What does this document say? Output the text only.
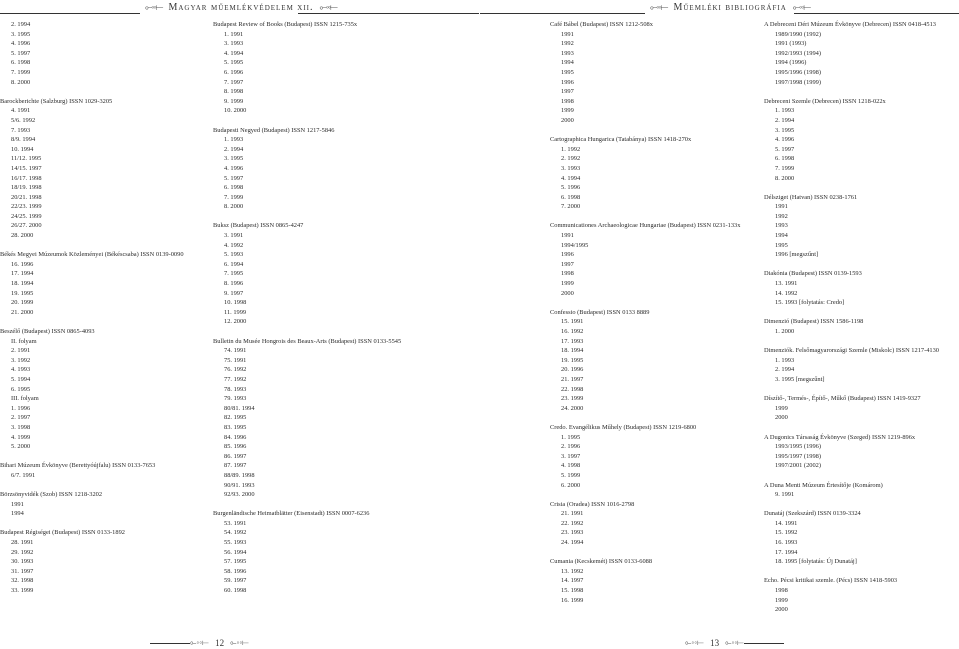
⟜◦◦⟝ Magyar műemlékvédelem xii. ⟜◦◦⟝
2. 1994
3. 1995
4. 1996
5. 1997
6. 1998
7. 1999
8. 2000
Barockberichte (Salzburg) ISSN 1029-3205
4. 1991
5/6. 1992
7. 1993
8/9. 1994
10. 1994
11/12. 1995
14/15. 1997
16/17. 1998
18/19. 1998
20/21. 1998
22/23. 1999
24/25. 1999
26/27. 2000
28. 2000
Békés Megyei Múzeumok Közleményei (Békéscsaba) ISSN 0139-0090
16. 1996
17. 1994
18. 1994
19. 1995
20. 1999
21. 2000
Beszélő (Budapest) ISSN 0865-4093
II. folyam
2. 1991
3. 1992
4. 1993
5. 1994
6. 1995
III. folyam
1. 1996
2. 1997
3. 1998
4. 1999
5. 2000
Bihari Múzeum Évkönyve (Berettyóújfalu) ISSN 0133-7653
6/7. 1991
Börzsönyvidék (Szob) ISSN 1218-3202
1991
1994
Budapest Régiségei (Budapest) ISSN 0133-1892
28. 1991
29. 1992
30. 1993
31. 1997
32. 1998
33. 1999
Budapest Review of Books (Budapest) ISSN 1215-735x
1. 1991
3. 1993
4. 1994
5. 1995
6. 1996
7. 1997
8. 1998
9. 1999
10. 2000
Budapesti Negyed (Budapest) ISSN 1217-5846
1. 1993
2. 1994
3. 1995
4. 1996
5. 1997
6. 1998
7. 1999
8. 2000
Buksz (Budapest) ISSN 0865-4247
3. 1991
4. 1992
5. 1993
6. 1994
7. 1995
8. 1996
9. 1997
10. 1998
11. 1999
12. 2000
Bulletin du Musée Hongrois des Beaux-Arts (Budapest) ISSN 0133-5545
74. 1991
75. 1991
76. 1992
77. 1992
78. 1993
79. 1993
80/81. 1994
82. 1995
83. 1995
84. 1996
85. 1996
86. 1997
87. 1997
88/89. 1998
90/91. 1993
92/93. 2000
Burgenländische Heimatblätter (Eisenstadt) ISSN 0007-6236
53. 1991
54. 1992
55. 1993
56. 1994
57. 1995
58. 1996
59. 1997
60. 1998
⟜◦◦⟝ 12 ⟜◦◦⟝
⟜◦◦⟝ Műemléki bibliográfia ⟜◦◦⟝
Café Bábel (Budapest) ISSN 1212-508x
1991
1992
1993
1994
1995
1996
1997
1998
1999
2000
Cartographica Hungarica (Tatabánya) ISSN 1418-270x
1. 1992
2. 1992
3. 1993
4. 1994
5. 1996
6. 1998
7. 2000
Communicationes Archaeologicae Hungariae (Budapest) ISSN 0231-133x
1991
1994/1995
1996
1997
1998
1999
2000
Confessio (Budapest) ISSN 0133 8889
15. 1991
16. 1992
17. 1993
18. 1994
19. 1995
20. 1996
21. 1997
22. 1998
23. 1999
24. 2000
Credo. Evangélikus Műhely (Budapest) ISSN 1219-6800
1. 1995
2. 1996
3. 1997
4. 1998
5. 1999
6. 2000
Crisia (Oradea) ISSN 1016-2798
21. 1991
22. 1992
23. 1993
24. 1994
Cumania (Kecskemét) ISSN 0133-6088
13. 1992
14. 1997
15. 1998
16. 1999
A Debreceni Déri Múzeum Évkönyve (Debrecen) ISSN 0418-4513
1989/1990 (1992)
1991 (1993)
1992/1993 (1994)
1994 (1996)
1995/1996 (1998)
1997/1998 (1999)
Debreceni Szemle (Debrecen) ISSN 1218-022x
1. 1993
2. 1994
3. 1995
4. 1996
5. 1997
6. 1998
7. 1999
8. 2000
Délsziget (Hatvan) ISSN 0238-1761
1991
1992
1993
1994
1995
1996 [megszűnt]
Diakónia (Budapest) ISSN 0139-1593
13. 1991
14. 1992
15. 1993 [folytatás: Credo]
Dimenzió (Budapest) ISSN 1586-1198
1. 2000
Dimenziók. Felsőmagyarországi Szemle (Miskolc) ISSN 1217-4130
1. 1993
2. 1994
3. 1995 [megszűnt]
Díszítő-, Termés-, Építő-, Műkő (Budapest) ISSN 1419-9327
1999
2000
A Dugonics Társaság Évkönyve (Szeged) ISSN 1219-896x
1993/1995 (1996)
1995/1997 (1998)
1997/2001 (2002)
A Duna Menti Múzeum Értesítője (Komárom)
9. 1991
Dunatáj (Szekszárd) ISSN 0139-3324
14. 1991
15. 1992
16. 1993
17. 1994
18. 1995 [folytatás: Új Dunatáj]
Echo. Pécsi kritikai szemle. (Pécs) ISSN 1418-5903
1998
1999
2000
⟜◦◦⟝ 13 ⟜◦◦⟝
